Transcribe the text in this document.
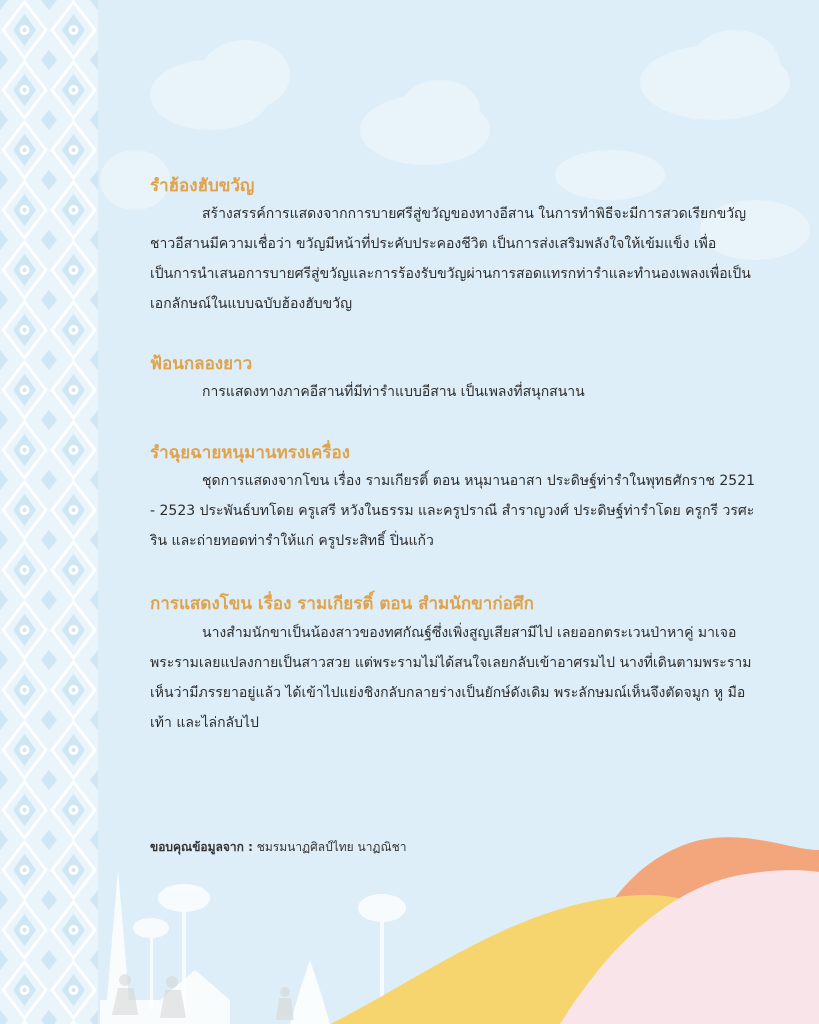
รำฮ้องฮับขวัญ

สร้างสรรค์การแสดงจากการบายศรีสู่ขวัญของทางอีสาน ในการทำพิธีจะมีการสวดเรียกขวัญ ชาวอีสานมีความเชื่อว่า ขวัญมีหน้าที่ประคับประคองชีวิต เป็นการส่งเสริมพลังใจให้เข้มแข็ง เพื่อเป็นการนำเสนอการบายศรีสู่ขวัญและการร้องรับขวัญผ่านการสอดแทรกท่ารำและทำนองเพลงเพื่อเป็นเอกลักษณ์ในแบบฉบับฮ้องฮับขวัญ

ฟ้อนกลองยาว

การแสดงทางภาคอีสานที่มีท่ารำแบบอีสาน เป็นเพลงที่สนุกสนาน

รำฉุยฉายหนุมานทรงเครื่อง

ชุดการแสดงจากโขน เรื่อง รามเกียรติ์ ตอน หนุมานอาสา ประดิษฐ์ท่ารำในพุทธศักราช 2521 - 2523 ประพันธ์บทโดย ครูเสรี หวังในธรรม และครูปราณี สำราญวงศ์ ประดิษฐ์ท่ารำโดย ครูกรี วรศะริน และถ่ายทอดท่ารำให้แก่ ครูประสิทธิ์ ปิ่นแก้ว

การแสดงโขน เรื่อง รามเกียรติ์ ตอน สำมนักขาก่อศึก

นางสำมนักขาเป็นน้องสาวของทศกัณฐ์ซึ่งเพิ่งสูญเสียสามีไป เลยออกตระเวนป่าหาคู่ มาเจอพระรามเลยแปลงกายเป็นสาวสวย แต่พระรามไม่ได้สนใจเลยกลับเข้าอาศรมไป นางที่เดินตามพระราม เห็นว่ามีภรรยาอยู่แล้ว ได้เข้าไปแย่งชิงกลับกลายร่างเป็นยักษ์ดังเดิม พระลักษมณ์เห็นจึงตัดจมูก หู มือ เท้า และไล่กลับไป

ขอบคุณข้อมูลจาก : ชมรมนาฏศิลป์ไทย นาฏณิชา
